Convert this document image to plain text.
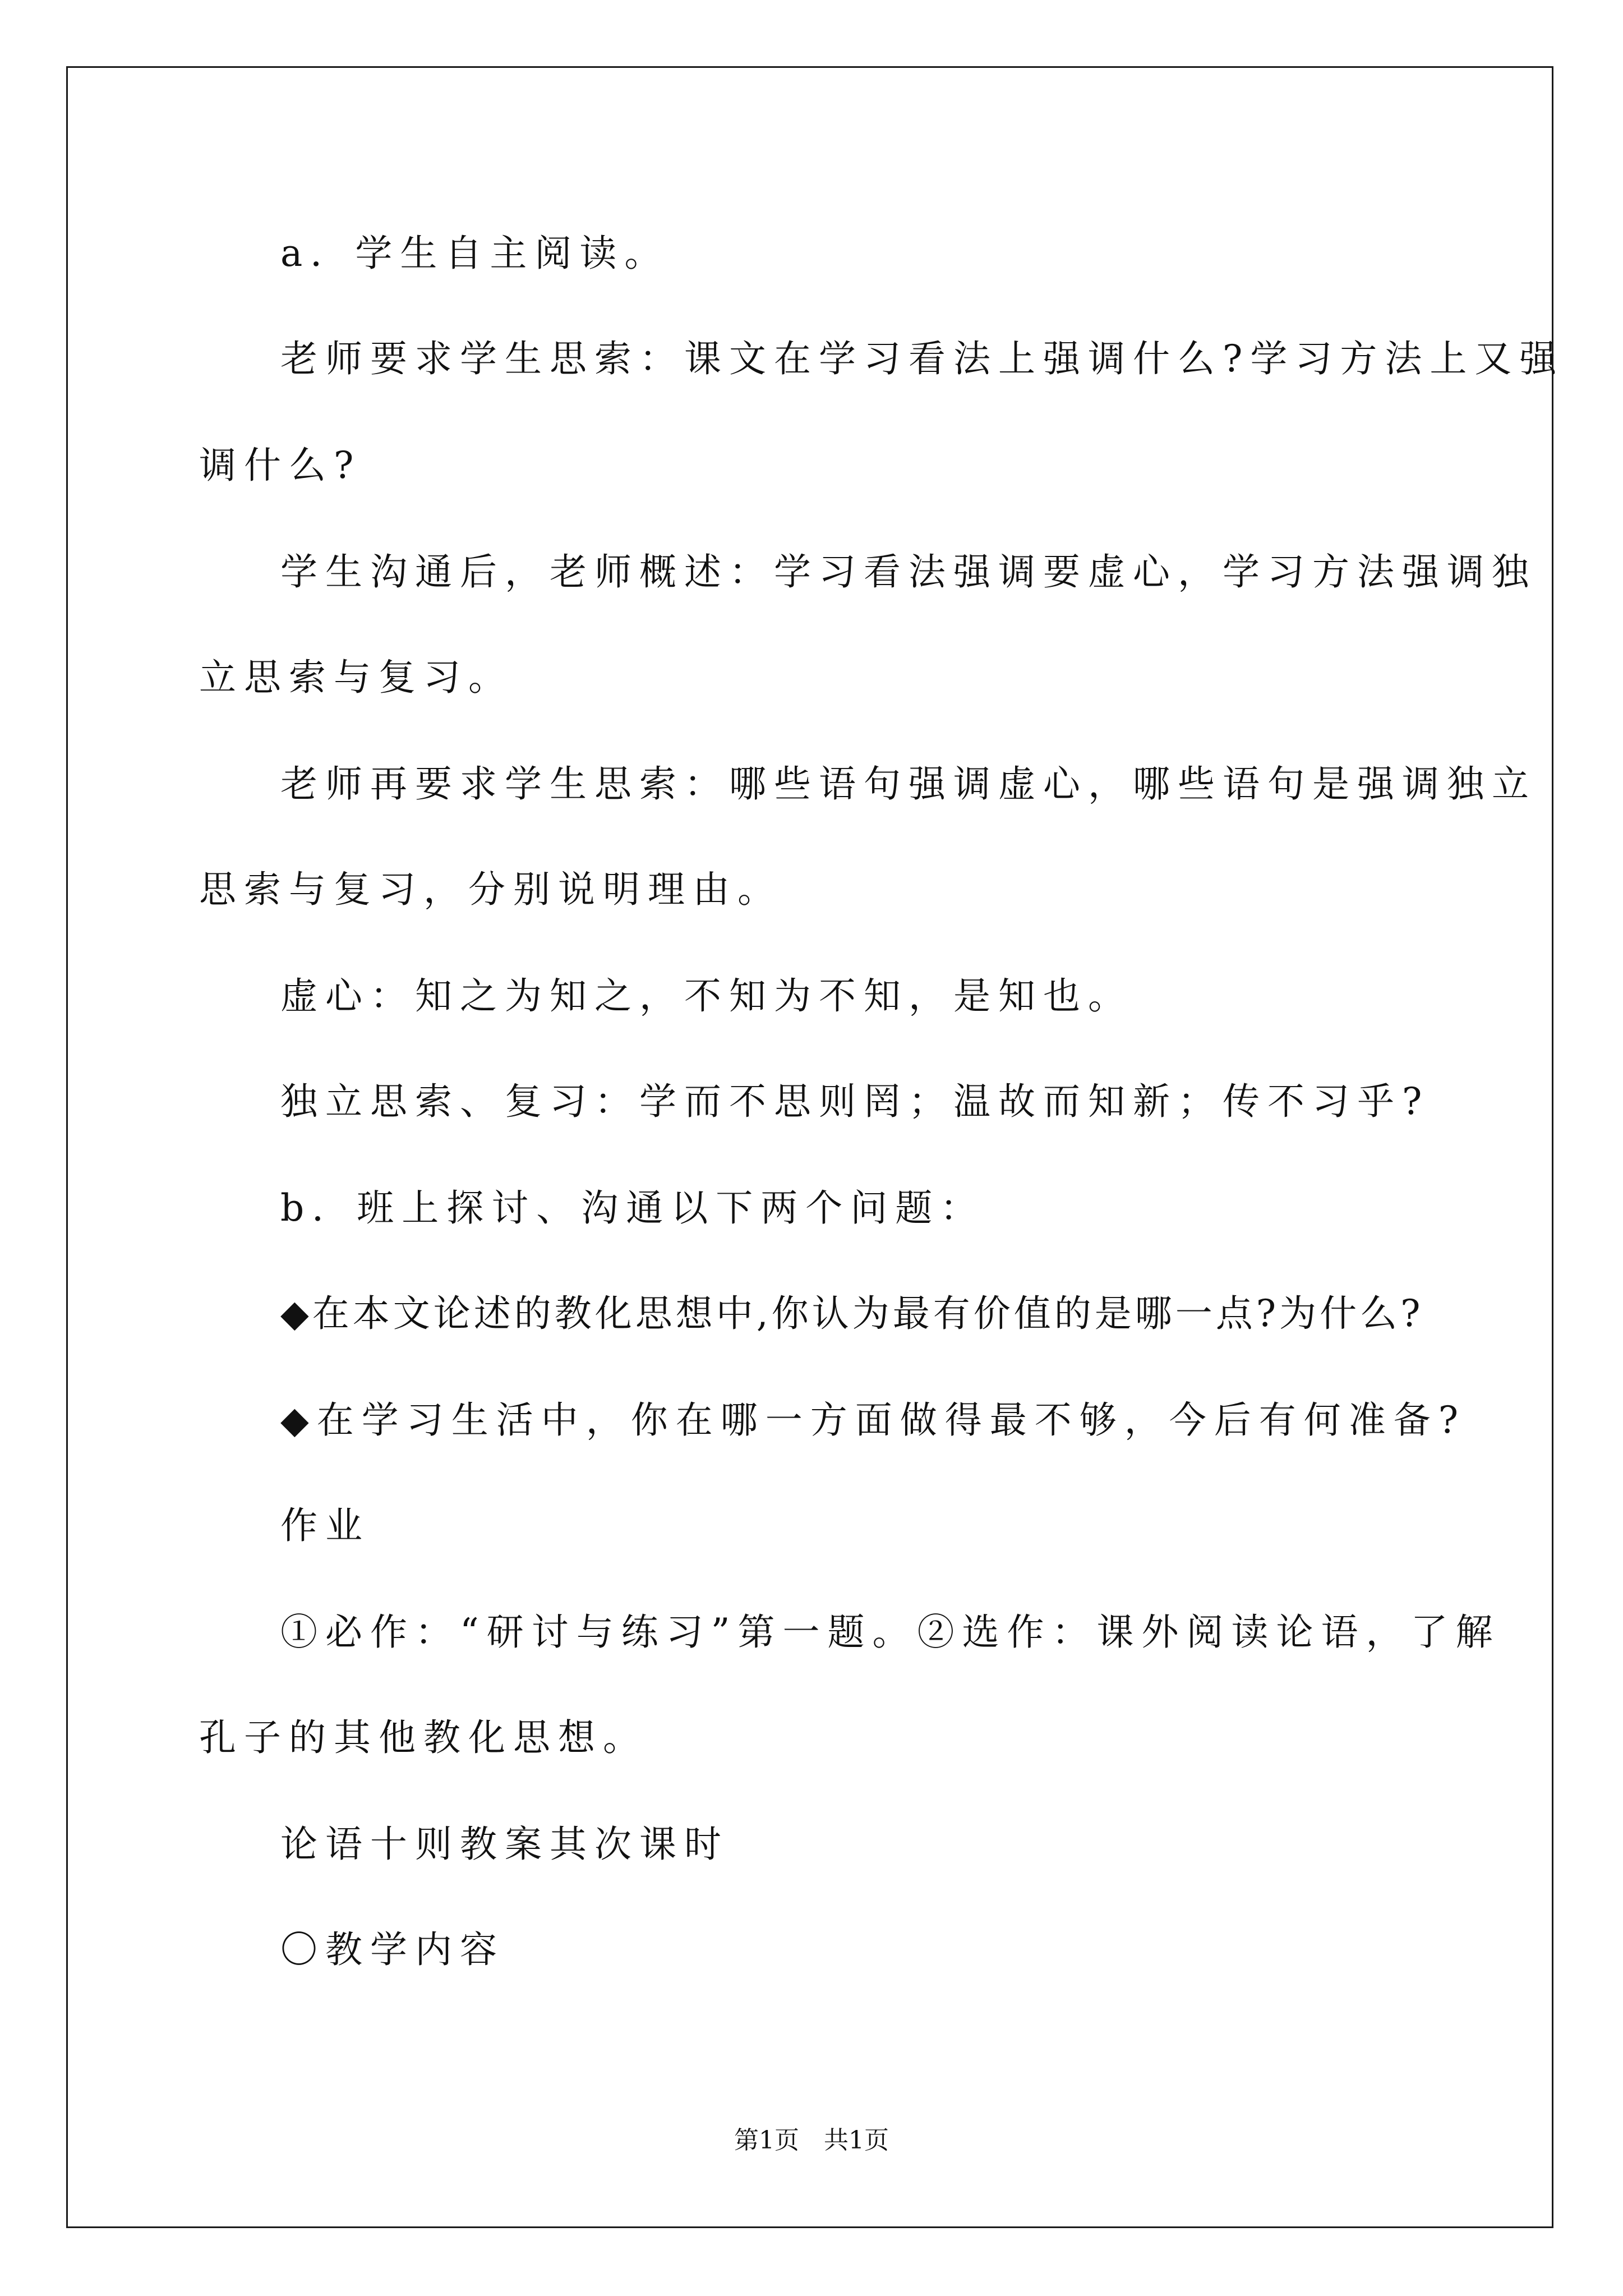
a．学生自主阅读。
老师要求学生思索：课文在学习看法上强调什么?学习方法上又强
调什么?
学生沟通后，老师概述：学习看法强调要虚心，学习方法强调独
立思索与复习。
老师再要求学生思索：哪些语句强调虚心，哪些语句是强调独立
思索与复习，分别说明理由。
虚心：知之为知之，不知为不知，是知也。
独立思索、复习：学而不思则罔；温故而知新；传不习乎?
b．班上探讨、沟通以下两个问题：
◆在本文论述的教化思想中,你认为最有价值的是哪一点?为什么?
◆在学习生活中，你在哪一方面做得最不够，今后有何准备?
作业
①必作：“研讨与练习”第一题。②选作：课外阅读论语，了解
孔子的其他教化思想。
论语十则教案其次课时
〇教学内容
第1页 共1页
